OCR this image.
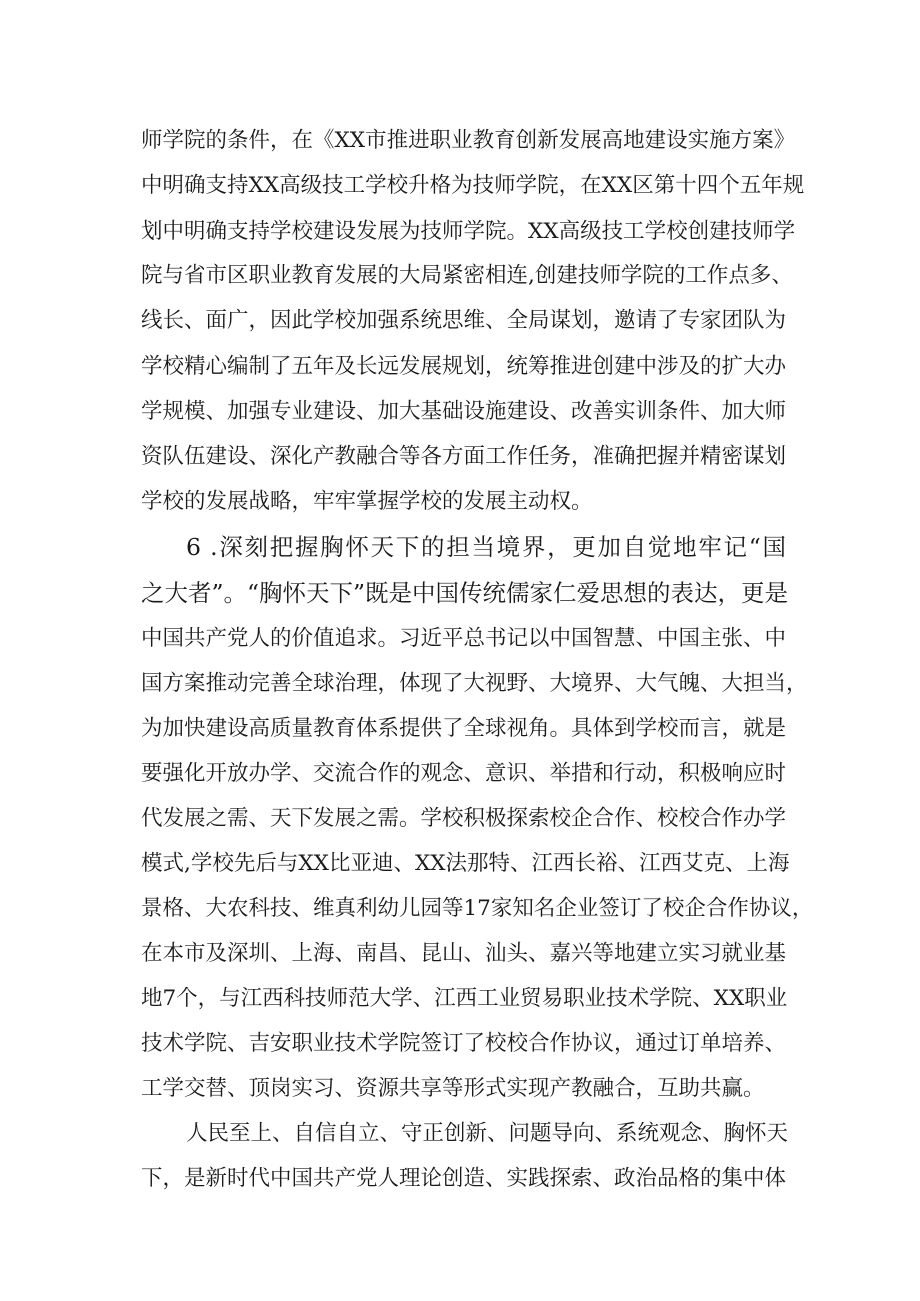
师学院的条件，在《XX市推进职业教育创新发展高地建设实施方案》
中明确支持XX高级技工学校升格为技师学院，在XX区第十四个五年规
划中明确支持学校建设发展为技师学院。XX高级技工学校创建技师学
院与省市区职业教育发展的大局紧密相连,创建技师学院的工作点多、
线长、面广，因此学校加强系统思维、全局谋划，邀请了专家团队为
学校精心编制了五年及长远发展规划，统筹推进创建中涉及的扩大办
学规模、加强专业建设、加大基础设施建设、改善实训条件、加大师
资队伍建设、深化产教融合等各方面工作任务，准确把握并精密谋划
学校的发展战略，牢牢掌握学校的发展主动权。
6 .深刻把握胸怀天下的担当境界，更加自觉地牢记“国
之大者”。“胸怀天下”既是中国传统儒家仁爱思想的表达，更是
中国共产党人的价值追求。习近平总书记以中国智慧、中国主张、中
国方案推动完善全球治理，体现了大视野、大境界、大气魄、大担当，
为加快建设高质量教育体系提供了全球视角。具体到学校而言，就是
要强化开放办学、交流合作的观念、意识、举措和行动，积极响应时
代发展之需、天下发展之需。学校积极探索校企合作、校校合作办学
模式,学校先后与XX比亚迪、XX法那特、江西长裕、江西艾克、上海
景格、大农科技、维真利幼儿园等17家知名企业签订了校企合作协议，
在本市及深圳、上海、南昌、昆山、汕头、嘉兴等地建立实习就业基
地7个，与江西科技师范大学、江西工业贸易职业技术学院、XX职业
技术学院、吉安职业技术学院签订了校校合作协议，通过订单培养、
工学交替、顶岗实习、资源共享等形式实现产教融合，互助共赢。
人民至上、自信自立、守正创新、问题导向、系统观念、胸怀天
下，是新时代中国共产党人理论创造、实践探索、政治品格的集中体
